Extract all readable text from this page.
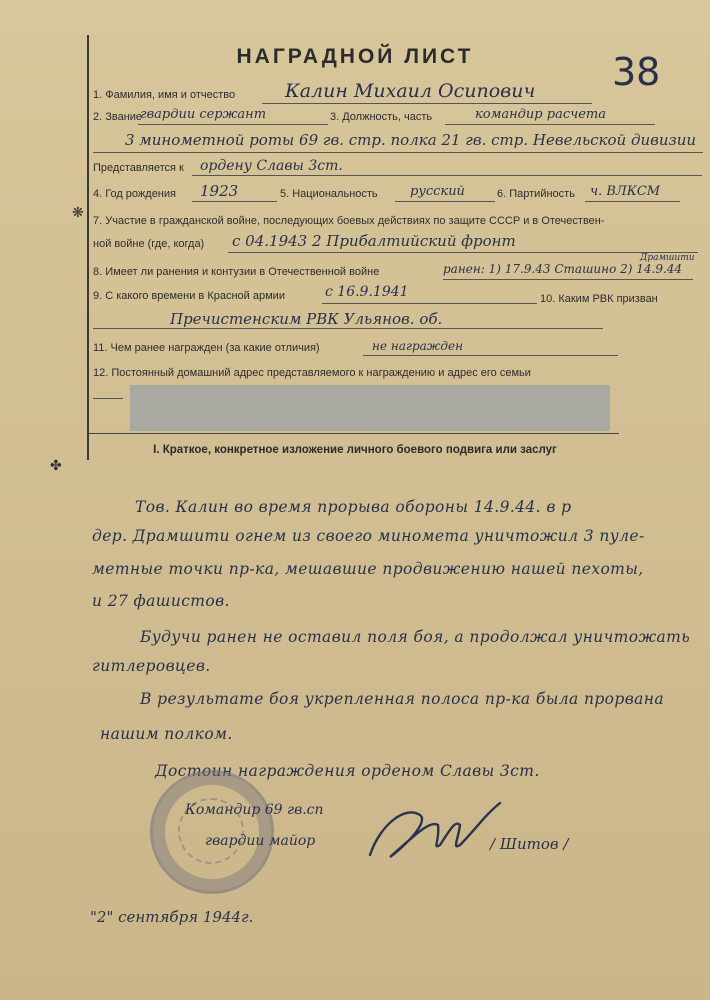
❋
✤
НАГРАДНОЙ ЛИСТ	38
1. Фамилия, имя и отчество	Калин Михаил Осипович
2. Звание
гвардии сержант	3. Должность, часть	командир расчета
3 минометной роты 69 гв. стр. полка 21 гв. стр. Невельской дивизии
Представляется к ордену Славы 3ст.
4. Год рождения 1923	5. Национальность русский	6. Партийность ч. ВЛКСМ
7. Участие в гражданской войне, последующих боевых действиях по защите СССР и в Отечествен-
ной войне (где, когда) с 04.1943 2 Прибалтийский фронт
8. Имеет ли ранения и контузии в Отечественной войне	ранен: 1) 17.9.43 Сташино 2) 14.9.44
Драмшити
9. С какого времени в Красной армии	с 16.9.1941	10. Каким РВК призван
Пречистенским РВК Ульянов. об.
11. Чем ранее награжден (за какие отличия)	не награжден
12. Постоянный домашний адрес представляемого к награждению и адрес его семьи
I. Краткое, конкретное изложение личного боевого подвига или заслуг
Тов. Калин во время прорыва обороны 14.9.44. в р
дер. Драмшити огнем из своего миномета уничтожил 3 пуле-
метные точки пр-ка, мешавшие продвижению нашей пехоты,
и 27 фашистов.
Будучи ранен не оставил поля боя, а продолжал уничтожать
гитлеровцев.
В результате боя укрепленная полоса пр-ка была прорвана
нашим полком.
Достоин награждения орденом Славы 3ст.
Командир 69 гв.сп
гвардии майор	/ Шитов /
"2" сентября 1944г.
